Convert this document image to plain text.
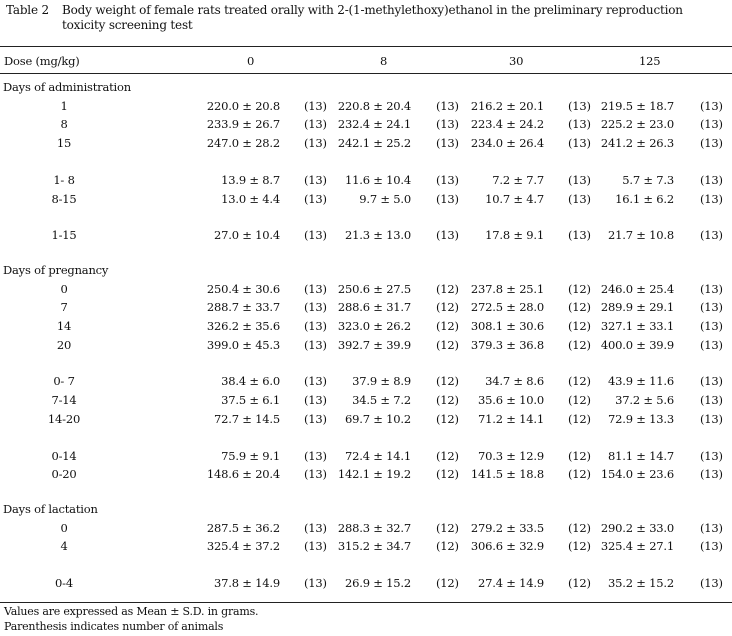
Table 2 Body weight of female rats treated orally with 2-(1-methylethoxy)ethanol in the preliminary reproduction
toxicity screening test
Dose (mg/kg)	0	8	30	125
Days of administration
1	220.0 ± 20.8 (13) 220.8 ± 20.4 (13)	216.2 ± 20.1 (13) 219.5 ± 18.7 (13)
8	233.9 ± 26.7 (13) 232.4 ± 24.1 (13)	223.4 ± 24.2 (13) 225.2 ± 23.0 (13)
15	247.0 ± 28.2 (13) 242.1 ± 25.2 (13)	234.0 ± 26.4 (13) 241.2 ± 26.3 (13)
1- 8	13.9 ± 8.7 (13)	11.6 ± 10.4 (13)	7.2 ± 7.7 (13)	5.7 ± 7.3 (13)
8-15	13.0 ± 4.4 (13)	9.7 ± 5.0 (13)	10.7 ± 4.7 (13)	16.1 ± 6.2 (13)
1-15	27.0 ± 10.4 (13)	21.3 ± 13.0 (13)	17.8 ± 9.1 (13)	21.7 ± 10.8 (13)
Days of pregnancy
0	250.4 ± 30.6 (13) 250.6 ± 27.5 (12)	237.8 ± 25.1 (12) 246.0 ± 25.4 (13)
7	288.7 ± 33.7 (13) 288.6 ± 31.7 (12)	272.5 ± 28.0 (12) 289.9 ± 29.1 (13)
14	326.2 ± 35.6 (13) 323.0 ± 26.2 (12)	308.1 ± 30.6 (12) 327.1 ± 33.1 (13)
20	399.0 ± 45.3 (13) 392.7 ± 39.9 (12)	379.3 ± 36.8 (12) 400.0 ± 39.9 (13)
0- 7	38.4 ± 6.0 (13)	37.9 ± 8.9 (12)	34.7 ± 8.6 (12)	43.9 ± 11.6 (13)
7-14	37.5 ± 6.1 (13)	34.5 ± 7.2 (12)	35.6 ± 10.0 (12)	37.2 ± 5.6 (13)
14-20	72.7 ± 14.5 (13)	69.7 ± 10.2 (12)	71.2 ± 14.1 (12)	72.9 ± 13.3 (13)
0-14	75.9 ± 9.1 (13)	72.4 ± 14.1 (12)	70.3 ± 12.9 (12)	81.1 ± 14.7 (13)
0-20	148.6 ± 20.4 (13) 142.1 ± 19.2 (12)	141.5 ± 18.8 (12) 154.0 ± 23.6 (13)
Days of lactation
0	287.5 ± 36.2 (13) 288.3 ± 32.7 (12)	279.2 ± 33.5 (12) 290.2 ± 33.0 (13)
4	325.4 ± 37.2 (13) 315.2 ± 34.7 (12)	306.6 ± 32.9 (12) 325.4 ± 27.1 (13)
0-4	37.8 ± 14.9 (13)	26.9 ± 15.2 (12)	27.4 ± 14.9 (12)	35.2 ± 15.2 (13)
Values are expressed as Mean ± S.D. in grams.
Parenthesis indicates number of animals
